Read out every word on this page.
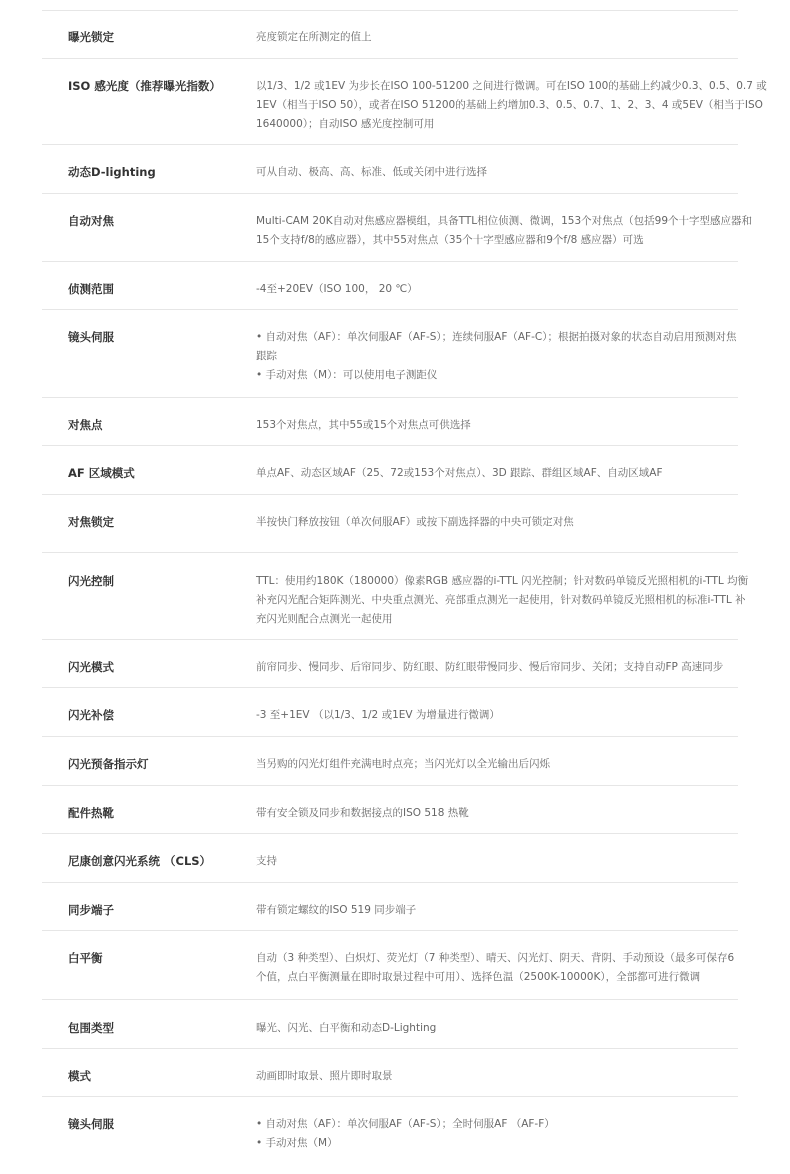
曝光锁定	亮度锁定在所测定的值上
ISO 感光度（推荐曝光指数）	以1/3、1/2 或1EV 为步长在ISO 100-51200 之间进行微调。可在ISO 100的基础上约减少0.3、0.5、0.7 或
1EV（相当于ISO 50），或者在ISO 51200的基础上约增加0.3、0.5、0.7、1、2、3、4 或5EV（相当于ISO
1640000）；自动ISO 感光度控制可用
动态D-lighting	可从自动、极高、高、标准、低或关闭中进行选择
自动对焦	Multi-CAM 20K自动对焦感应器模组，具备TTL相位侦测、微调，153个对焦点（包括99个十字型感应器和
15个支持f/8的感应器），其中55对焦点（35个十字型感应器和9个f/8 感应器）可选
侦测范围	-4至+20EV（ISO 100， 20 ℃）
镜头伺服	• 自动对焦（AF）：单次伺服AF（AF-S）；连续伺服AF（AF-C）；根据拍摄对象的状态自动启用预测对焦
跟踪
• 手动对焦（M）：可以使用电子测距仪
对焦点	153个对焦点，其中55或15个对焦点可供选择
AF 区域模式	单点AF、动态区域AF（25、72或153个对焦点）、3D 跟踪、群组区域AF、自动区域AF
对焦锁定	半按快门释放按钮（单次伺服AF）或按下副选择器的中央可锁定对焦
闪光控制	TTL：使用约180K（180000）像素RGB 感应器的i-TTL 闪光控制；针对数码单镜反光照相机的i-TTL 均衡
补充闪光配合矩阵测光、中央重点测光、亮部重点测光一起使用，针对数码单镜反光照相机的标准i-TTL 补
充闪光则配合点测光一起使用
闪光模式	前帘同步、慢同步、后帘同步、防红眼、防红眼带慢同步、慢后帘同步、关闭；支持自动FP 高速同步
闪光补偿	-3 至+1EV （以1/3、1/2 或1EV 为增量进行微调）
闪光预备指示灯	当另购的闪光灯组件充满电时点亮；当闪光灯以全光输出后闪烁
配件热靴	带有安全锁及同步和数据接点的ISO 518 热靴
尼康创意闪光系统 （CLS）	支持
同步端子	带有锁定螺纹的ISO 519 同步端子
白平衡	自动（3 种类型）、白炽灯、荧光灯（7 种类型）、晴天、闪光灯、阴天、背阴、手动预设（最多可保存6
个值，点白平衡测量在即时取景过程中可用）、选择色温（2500K-10000K），全部都可进行微调
包围类型	曝光、闪光、白平衡和动态D-Lighting
模式	动画即时取景、照片即时取景
镜头伺服	• 自动对焦（AF）：单次伺服AF（AF-S）；全时伺服AF （AF-F）
• 手动对焦（M）
